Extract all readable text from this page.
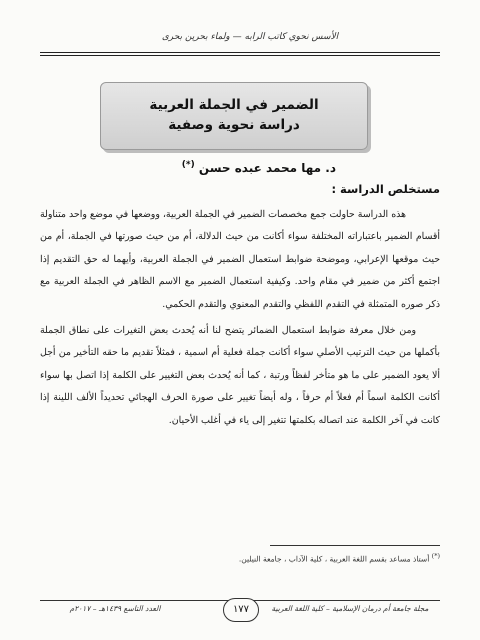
الأسس نحوي كاتب الرابه — ولماء بحرين بحرى
الضمير في الجملة العربية
دراسة نحوية وصفية
د. مها محمد عبده حسن (*)
مستخلص الدراسة :

هذه الدراسة حاولت جمع مخصصات الضمير في الجملة العربية، ووضعها في موضع واحد متناولة أقسام الضمير باعتباراته المختلفة سواء أكانت من حيث الدلالة، أم من حيث صورتها في الجملة، أم من حيث موقعها الإعرابي، وموضحة ضوابط استعمال الضمير في الجملة العربية، وأيهما له حق التقديم إذا اجتمع أكثر من ضمير في مقام واحد. وكيفية استعمال الضمير مع الاسم الظاهر في الجملة العربية مع ذكر صوره المتمثلة في التقدم اللفظي والتقدم المعنوي والتقدم الحكمي.

ومن خلال معرفة ضوابط استعمال الضمائر يتضح لنا أنه يُحدث بعض التغيرات على نطاق الجملة بأكملها من حيث الترتيب الأصلي سواء أكانت جملة فعلية أم اسمية ، فمثلاً تقديم ما حقه التأخير من أجل ألا يعود الضمير على ما هو متأخر لفظاً ورتبة ، كما أنه يُحدث بعض التغيير على الكلمة إذا اتصل بها سواء أكانت الكلمة اسماً أم فعلاً أم حرفاً ، وله أيضاً تغيير على صورة الحرف الهجائي تحديداً الألف اللينة إذا كانت في آخر الكلمة عند اتصاله بكلمتها تتغير إلى ياء في أغلب الأحيان.

(*) أستاذ مساعد بقسم اللغة العربية ، كلية الآداب ، جامعة النيلين.
مجلة جامعة أم درمان الإسلامية – كلية اللغة العربية
١٧٧
العدد التاسع ١٤٣٩هـ – ٢٠١٧م
